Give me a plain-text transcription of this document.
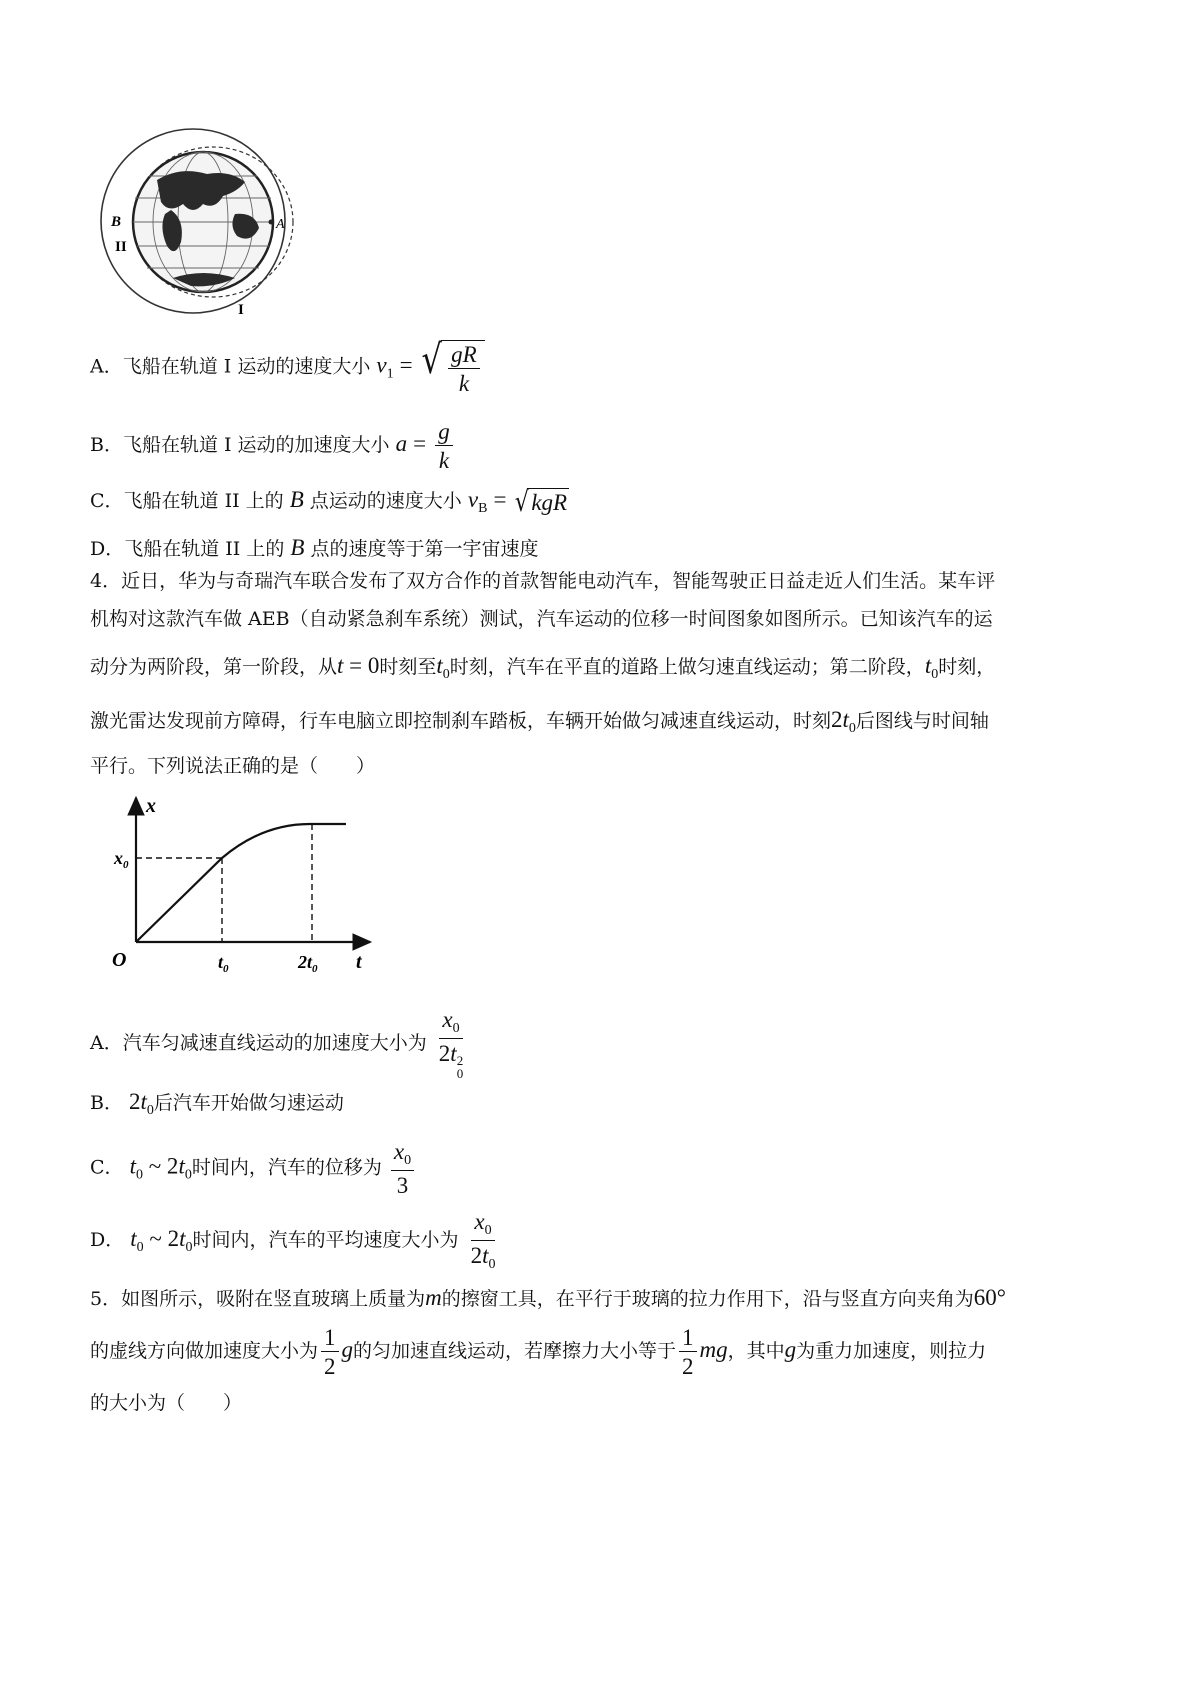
A
B
II
I
A．飞船在轨道 I 运动的速度大小 $v_1$ = √ $\frac{gR}{k}$
B．飞船在轨道 I 运动的加速度大小 $a = \frac{g}{k}$
C．飞船在轨道 II 上的 B 点运动的速度大小 $v_B$ = √ kgR
D．飞船在轨道 II 上的 B 点的速度等于第一宇宙速度
4．近日，华为与奇瑞汽车联合发布了双方合作的首款智能电动汽车，智能驾驶正日益走近人们生活。某车评
机构对这款汽车做 AEB（自动紧急刹车系统）测试，汽车运动的位移一时间图象如图所示。已知该汽车的运
动分为两阶段，第一阶段，从t = 0时刻至$t_0$时刻，汽车在平直的道路上做匀速直线运动；第二阶段，$t_0$时刻，
激光雷达发现前方障碍，行车电脑立即控制刹车踏板，车辆开始做匀减速直线运动，时刻$2t_0$后图线与时间轴
平行。下列说法正确的是（　　）
x
t
O
$x_0$
$t_0$	$2t_0$
A．汽车匀减速直线运动的加速度大小为 $x_0$
2t 2
0
B． $2t_0$后汽车开始做匀速运动
C． $t_0$ ~ $2t_0$时间内，汽车的位移为 $\frac{x_0}{3}$
D． $t_0$ ~ $2t_0$时间内，汽车的平均速度大小为 $\frac{x_0}{2t_0}$
5．如图所示，吸附在竖直玻璃上质量为m的擦窗工具，在平行于玻璃的拉力作用下，沿与竖直方向夹角为60°
的虚线方向做加速度大小为 $\frac{1}{2}$ g的匀加速直线运动，若摩擦力大小等于 $\frac{1}{2}$ mg，其中g为重力加速度，则拉力
的大小为（　　）
